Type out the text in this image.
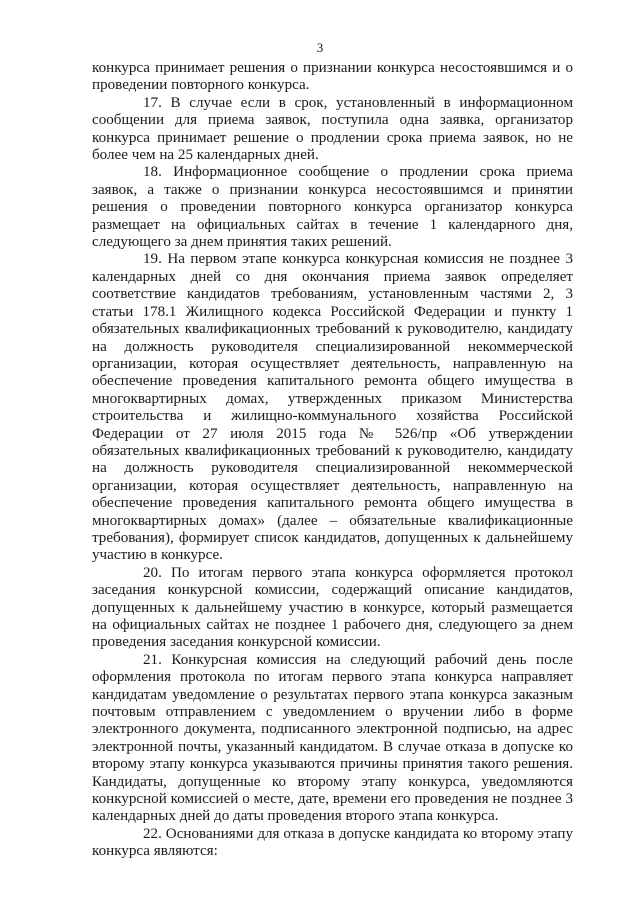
3

конкурса принимает решения о признании конкурса несостоявшимся и о проведении повторного конкурса.

17. В случае если в срок, установленный в информационном сообщении для приема заявок, поступила одна заявка, организатор конкурса принимает решение о продлении срока приема заявок, но не более чем на 25 календарных дней.

18. Информационное сообщение о продлении срока приема заявок, а также о признании конкурса несостоявшимся и принятии решения о проведении повторного конкурса организатор конкурса размещает на официальных сайтах в течение 1 календарного дня, следующего за днем принятия таких решений.

19. На первом этапе конкурса конкурсная комиссия не позднее 3 календарных дней со дня окончания приема заявок определяет соответствие кандидатов требованиям, установленным частями 2, 3 статьи 178.1 Жилищного кодекса Российской Федерации и пункту 1 обязательных квалификационных требований к руководителю, кандидату на должность руководителя специализированной некоммерческой организации, которая осуществляет деятельность, направленную на обеспечение проведения капитального ремонта общего имущества в многоквартирных домах, утвержденных приказом Министерства строительства и жилищно-коммунального хозяйства Российской Федерации от 27 июля 2015 года № 526/пр «Об утверждении обязательных квалификационных требований к руководителю, кандидату на должность руководителя специализированной некоммерческой организации, которая осуществляет деятельность, направленную на обеспечение проведения капитального ремонта общего имущества в многоквартирных домах» (далее – обязательные квалификационные требования), формирует список кандидатов, допущенных к дальнейшему участию в конкурсе.

20. По итогам первого этапа конкурса оформляется протокол заседания конкурсной комиссии, содержащий описание кандидатов, допущенных к дальнейшему участию в конкурсе, который размещается на официальных сайтах не позднее 1 рабочего дня, следующего за днем проведения заседания конкурсной комиссии.

21. Конкурсная комиссия на следующий рабочий день после оформления протокола по итогам первого этапа конкурса направляет кандидатам уведомление о результатах первого этапа конкурса заказным почтовым отправлением с уведомлением о вручении либо в форме электронного документа, подписанного электронной подписью, на адрес электронной почты, указанный кандидатом. В случае отказа в допуске ко второму этапу конкурса указываются причины принятия такого решения. Кандидаты, допущенные ко второму этапу конкурса, уведомляются конкурсной комиссией о месте, дате, времени его проведения не позднее 3 календарных дней до даты проведения второго этапа конкурса.

22. Основаниями для отказа в допуске кандидата ко второму этапу конкурса являются:
